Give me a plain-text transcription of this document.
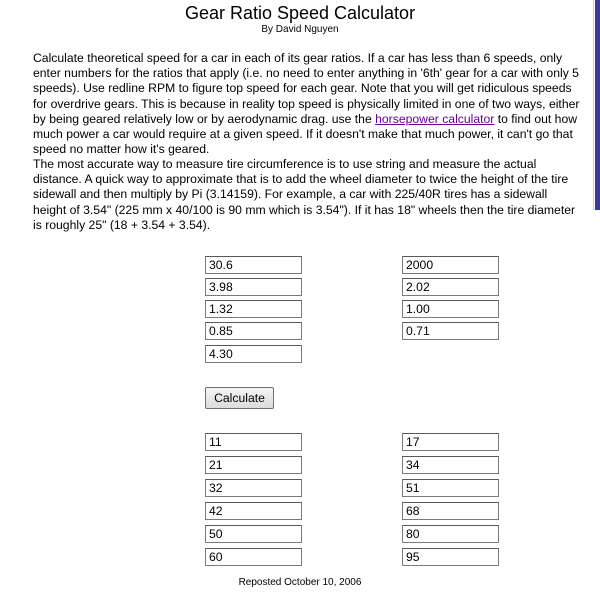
Gear Ratio Speed Calculator
By David Nguyen

Calculate theoretical speed for a car in each of its gear ratios. If a car has less than 6 speeds, only enter numbers for the ratios that apply (i.e. no need to enter anything in '6th' gear for a car with only 5 speeds). Use redline RPM to figure top speed for each gear. Note that you will get ridiculous speeds for overdrive gears. This is because in reality top speed is physically limited in one of two ways, either by being geared relatively low or by aerodynamic drag. use the horsepower calculator to find out how much power a car would require at a given speed. If it doesn't make that much power, it can't go that speed no matter how it's geared.

The most accurate way to measure tire circumference is to use string and measure the actual distance. A quick way to approximate that is to add the wheel diameter to twice the height of the tire sidewall and then multiply by Pi (3.14159). For example, a car with 225/40R tires has a sidewall height of 3.54" (225 mm x 40/100 is 90 mm which is 3.54"). If it has 18" wheels then the tire diameter is roughly 25" (18 + 3.54 + 3.54).

30.6
2000
3.98
2.02
1.32
1.00
0.85
0.71
4.30
Calculate
11
17
21
34
32
51
42
68
50
80
60
95
Reposted October 10, 2006
